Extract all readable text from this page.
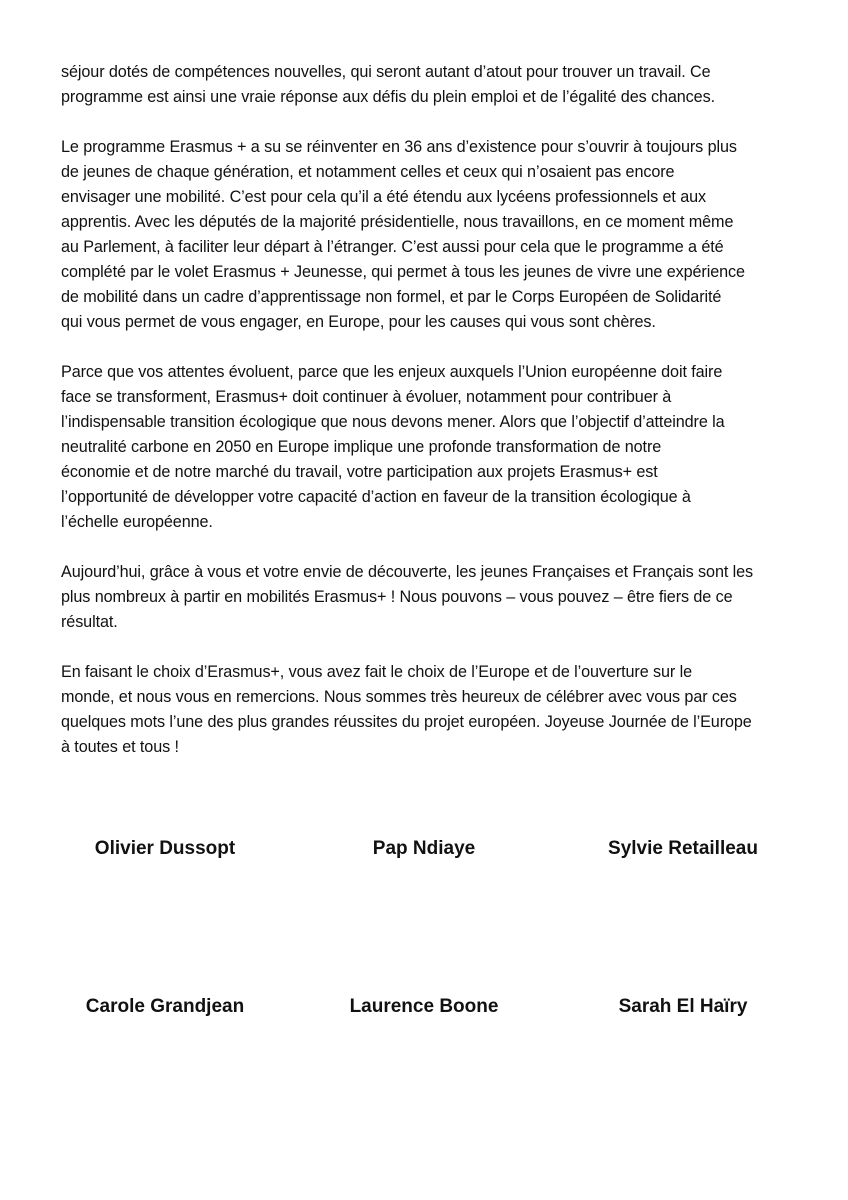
séjour dotés de compétences nouvelles, qui seront autant d’atout pour trouver un travail. Ce
programme est ainsi une vraie réponse aux défis du plein emploi et de l’égalité des chances.

Le programme Erasmus + a su se réinventer en 36 ans d’existence pour s’ouvrir à toujours plus
de jeunes de chaque génération, et notamment celles et ceux qui n’osaient pas encore
envisager une mobilité. C’est pour cela qu’il a été étendu aux lycéens professionnels et aux
apprentis. Avec les députés de la majorité présidentielle, nous travaillons, en ce moment même
au Parlement, à faciliter leur départ à l’étranger. C’est aussi pour cela que le programme a été
complété par le volet Erasmus + Jeunesse, qui permet à tous les jeunes de vivre une expérience
de mobilité dans un cadre d’apprentissage non formel, et par le Corps Européen de Solidarité
qui vous permet de vous engager, en Europe, pour les causes qui vous sont chères.

Parce que vos attentes évoluent, parce que les enjeux auxquels l’Union européenne doit faire
face se transforment, Erasmus+ doit continuer à évoluer, notamment pour contribuer à
l’indispensable transition écologique que nous devons mener. Alors que l’objectif d’atteindre la
neutralité carbone en 2050 en Europe implique une profonde transformation de notre
économie et de notre marché du travail, votre participation aux projets Erasmus+ est
l’opportunité de développer votre capacité d’action en faveur de la transition écologique à
l’échelle européenne.

Aujourd’hui, grâce à vous et votre envie de découverte, les jeunes Françaises et Français sont les
plus nombreux à partir en mobilités Erasmus+ ! Nous pouvons – vous pouvez – être fiers de ce
résultat.

En faisant le choix d’Erasmus+, vous avez fait le choix de l’Europe et de l’ouverture sur le
monde, et nous vous en remercions. Nous sommes très heureux de célébrer avec vous par ces
quelques mots l’une des plus grandes réussites du projet européen. Joyeuse Journée de l’Europe
à toutes et tous !

Olivier Dussopt	Pap Ndiaye	Sylvie Retailleau
Carole Grandjean	Laurence Boone	Sarah El Haïry
